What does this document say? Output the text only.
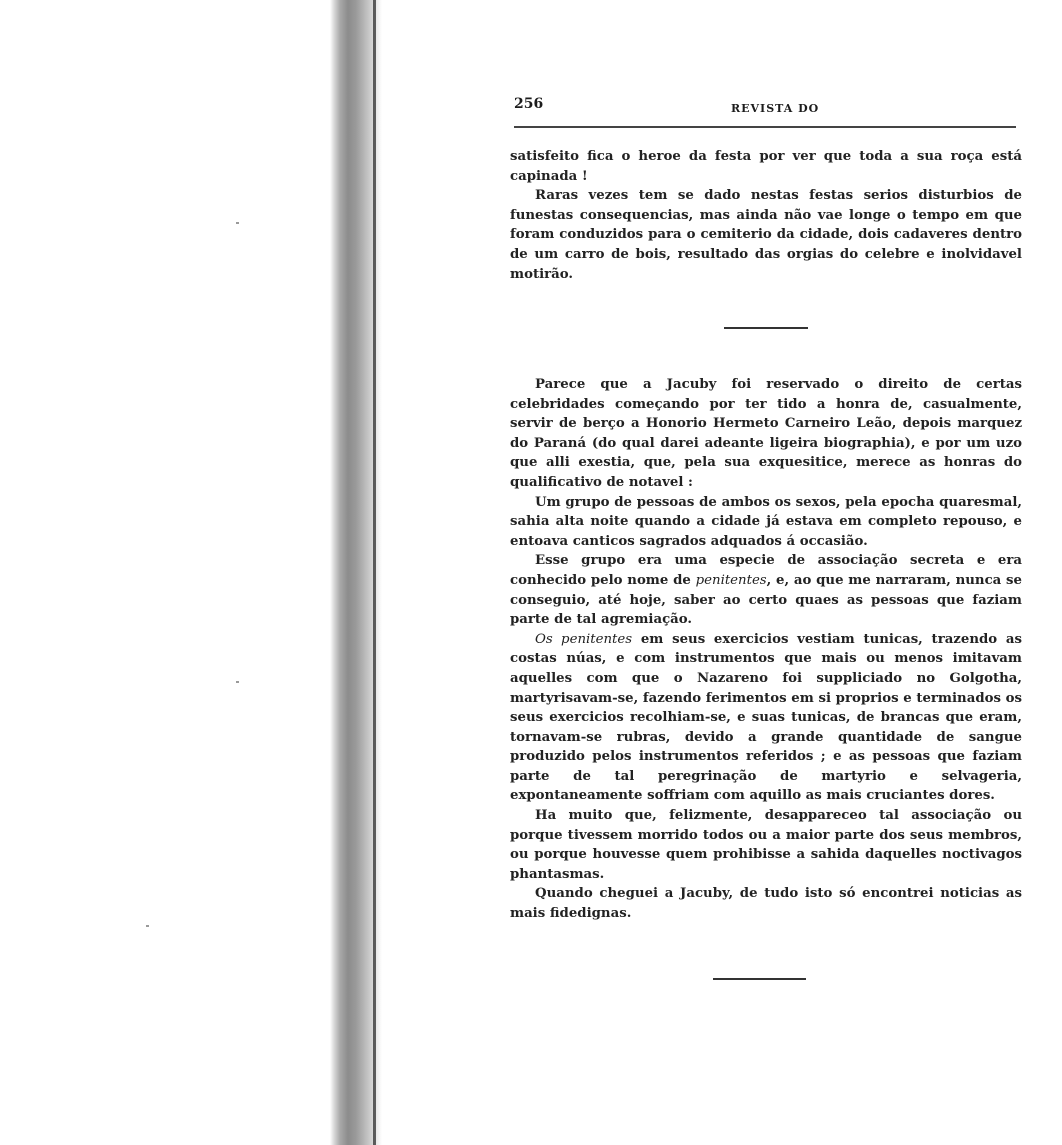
256	REVISTA DO

satisfeito fica o heroe da festa por ver que toda a sua roça está capinada !

Raras vezes tem se dado nestas festas serios disturbios de funestas consequencias, mas ainda não vae longe o tempo em que foram conduzidos para o cemiterio da cidade, dois cadaveres dentro de um carro de bois, resultado das orgias do celebre e inolvidavel motirão.

Parece que a Jacuby foi reservado o direito de certas celebridades começando por ter tido a honra de, casualmente, servir de berço a Honorio Hermeto Carneiro Leão, depois marquez do Paraná (do qual darei adeante ligeira biographia), e por um uzo que alli exestia, que, pela sua exquesitice, merece as honras do qualificativo de notavel :

Um grupo de pessoas de ambos os sexos, pela epocha quaresmal, sahia alta noite quando a cidade já estava em completo repouso, e entoava canticos sagrados adquados á occasião.

Esse grupo era uma especie de associação secreta e era conhecido pelo nome de penitentes, e, ao que me narraram, nunca se conseguio, até hoje, saber ao certo quaes as pessoas que faziam parte de tal agremiação.

Os penitentes em seus exercicios vestiam tunicas, trazendo as costas núas, e com instrumentos que mais ou menos imitavam aquelles com que o Nazareno foi suppliciado no Golgotha, martyrisavam-se, fazendo ferimentos em si proprios e terminados os seus exercicios recolhiam-se, e suas tunicas, de brancas que eram, tornavam-se rubras, devido a grande quantidade de sangue produzido pelos instrumentos referidos ; e as pessoas que faziam parte de tal peregrinação de martyrio e selvageria, expontaneamente soffriam com aquillo as mais cruciantes dores.

Ha muito que, felizmente, desappareceo tal associação ou porque tivessem morrido todos ou a maior parte dos seus membros, ou porque houvesse quem prohibisse a sahida daquelles noctivagos phantasmas.

Quando cheguei a Jacuby, de tudo isto só encontrei noticias as mais fidedignas.
